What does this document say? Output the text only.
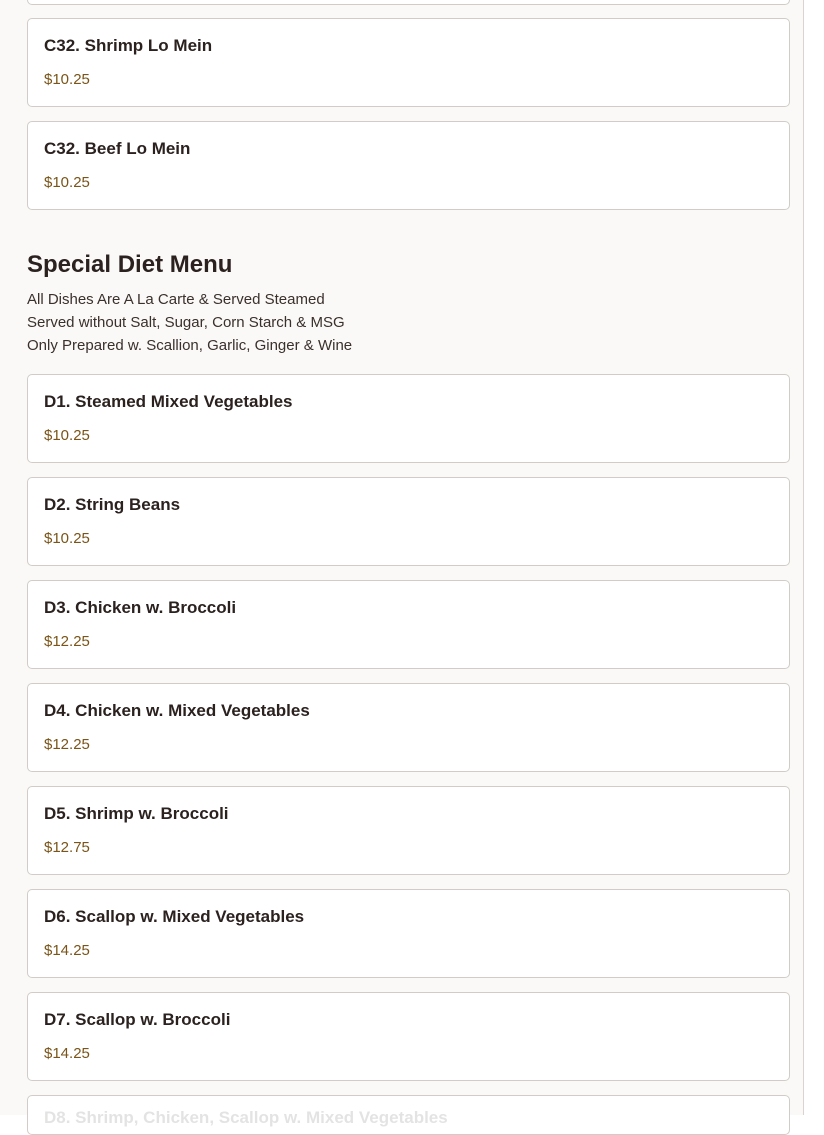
C32. Shrimp Lo Mein
$10.25
C32. Beef Lo Mein
$10.25
Special Diet Menu
All Dishes Are A La Carte & Served Steamed
Served without Salt, Sugar, Corn Starch & MSG
Only Prepared w. Scallion, Garlic, Ginger & Wine
D1. Steamed Mixed Vegetables
$10.25
D2. String Beans
$10.25
D3. Chicken w. Broccoli
$12.25
D4. Chicken w. Mixed Vegetables
$12.25
D5. Shrimp w. Broccoli
$12.75
D6. Scallop w. Mixed Vegetables
$14.25
D7. Scallop w. Broccoli
$14.25
D8. Shrimp, Chicken, Scallop w. Mixed Vegetables
